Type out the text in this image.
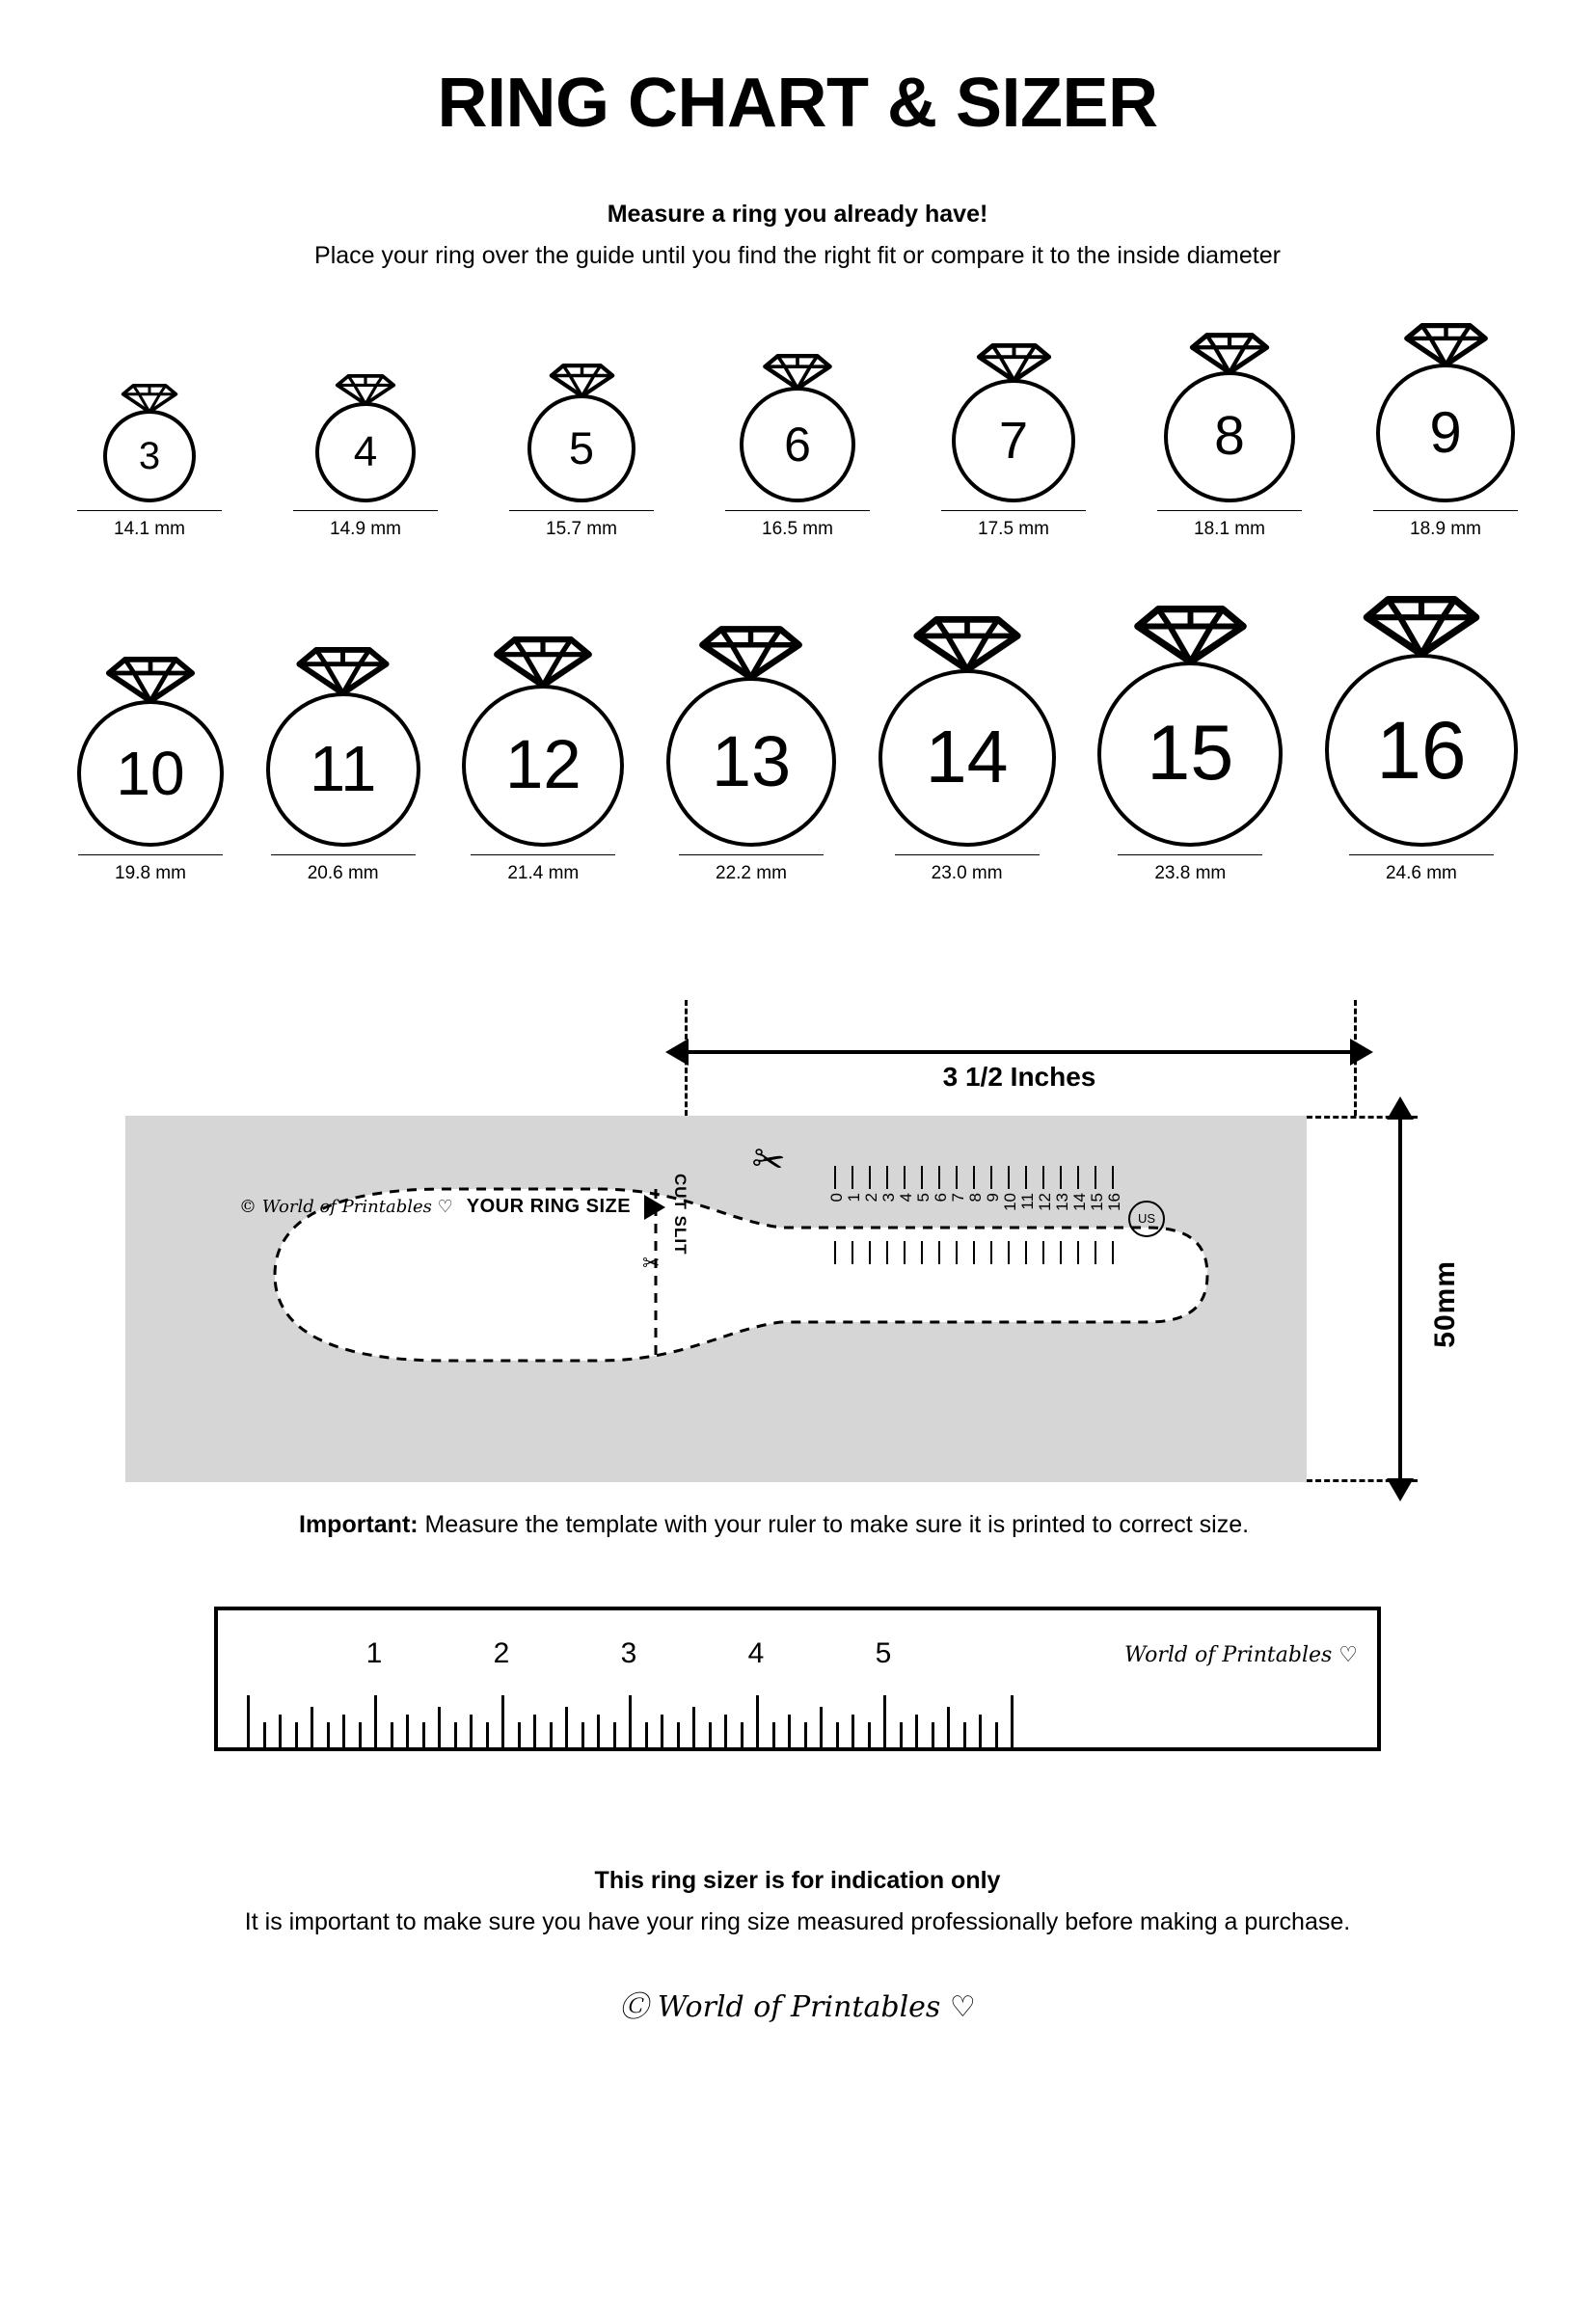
RING CHART & SIZER
Measure a ring you already have!
Place your ring over the guide until you find the right fit or compare it to the inside diameter
3
14.1 mm
4
14.9 mm
5
15.7 mm
6
16.5 mm
7
17.5 mm
8
18.1 mm
9
18.9 mm
10
19.8 mm
11
20.6 mm
12
21.4 mm
13
22.2 mm
14
23.0 mm
15
23.8 mm
16
24.6 mm
3 1/2 Inches
50mm
© World of Printables ♡ YOUR RING SIZE CUT SLIT
✂
✂
0 1 2 3 4 5 6 7 8 9 10 11 12 13 14 15 16
US
Important: Measure the template with your ruler to make sure it is printed to correct size.
World of Printables ♡
1	2	3	4	5
This ring sizer is for indication only
It is important to make sure you have your ring size measured professionally before making a purchase.
Ⓒ World of Printables ♡
